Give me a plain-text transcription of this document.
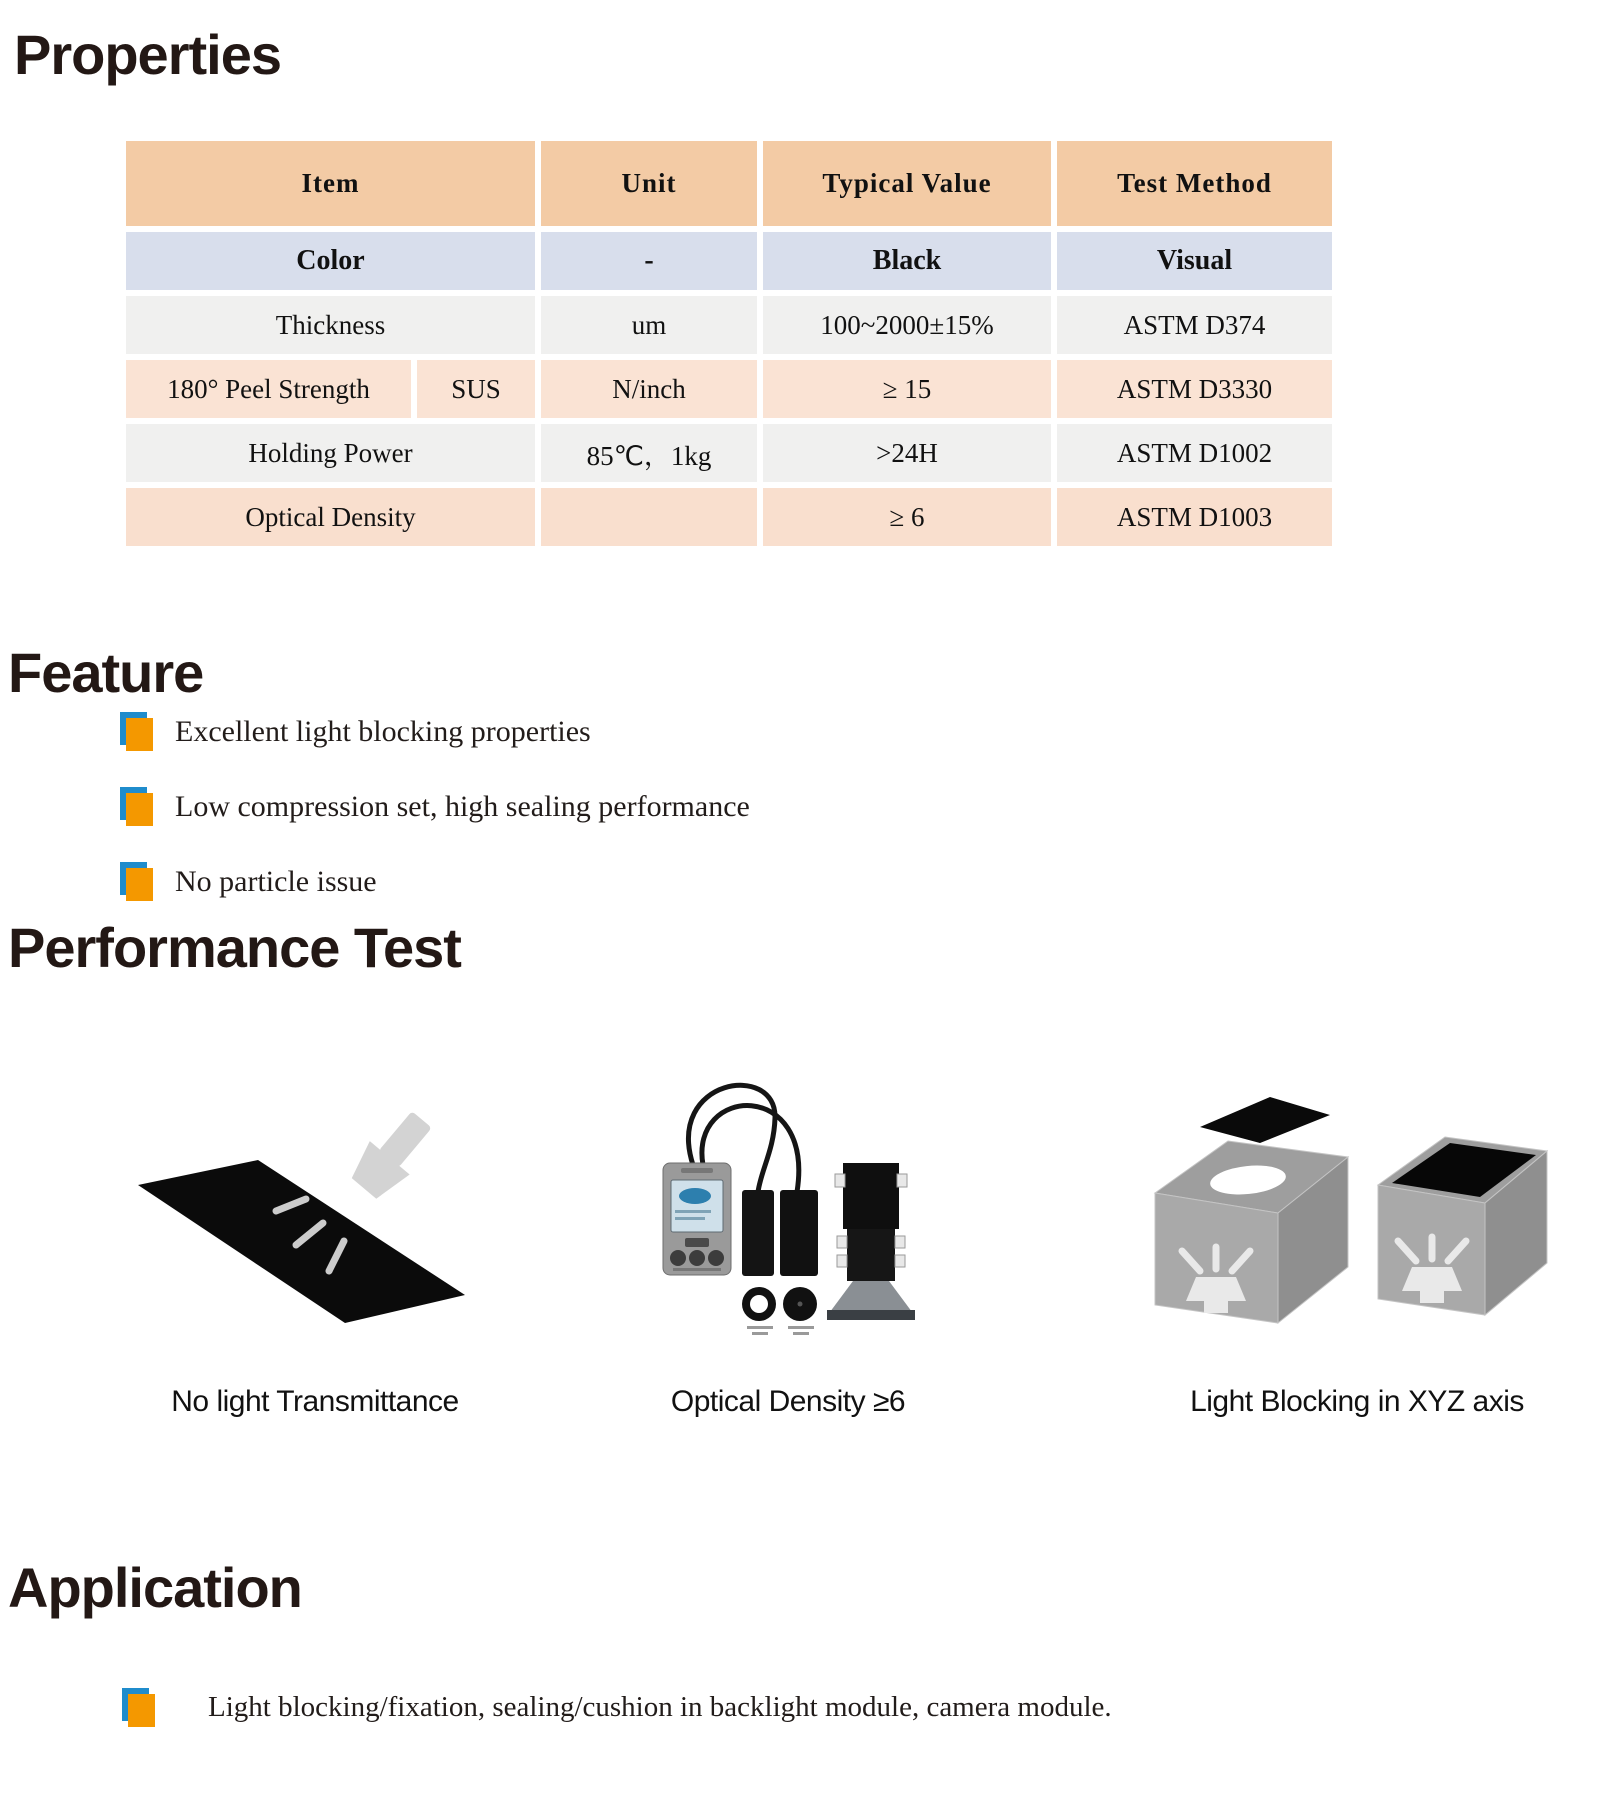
Properties
Item		Unit	Typical Value	Test Method
Color		-	Black	Visual
Thickness		um	100~2000±15%	ASTM D374
180° Peel Strength	SUS	N/inch	≥ 15	ASTM D3330
Holding Power		85℃，1kg	>24H	ASTM D1002
Optical Density			≥ 6	ASTM D1003
Feature
Excellent light blocking properties
Low compression set, high sealing performance
No particle issue
Performance Test
No light Transmittance	Optical Density ≥6	Light Blocking in XYZ axis
Application
Light blocking/fixation, sealing/cushion in backlight module, camera module.
